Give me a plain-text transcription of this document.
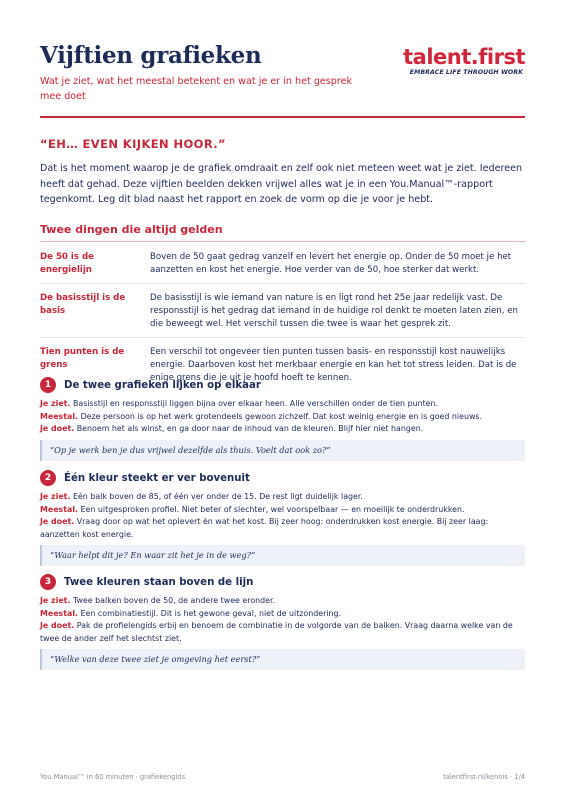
Vijftien grafieken

Wat je ziet, wat het meestal betekent en wat je er in het gesprek mee doet

talent.first
EMBRACE LIFE THROUGH WORK
“EH… EVEN KIJKEN HOOR.”

Dat is het moment waarop je de grafiek omdraait en zelf ook niet meteen weet wat je ziet. Iedereen heeft dat gehad. Deze vijftien beelden dekken vrijwel alles wat je in een You.Manual™-rapport tegenkomt. Leg dit blad naast het rapport en zoek de vorm op die je voor je hebt.

Twee dingen die altijd gelden
De 50 is de energielijn
Boven de 50 gaat gedrag vanzelf en levert het energie op. Onder de 50 moet je het aanzetten en kost het energie. Hoe verder van de 50, hoe sterker dat werkt.
De basisstijl is de basis
De basisstijl is wie iemand van nature is en ligt rond het 25e jaar redelijk vast. De responsstijl is het gedrag dat iemand in de huidige rol denkt te moeten laten zien, en die beweegt wel. Het verschil tussen die twee is waar het gesprek zit.
Tien punten is de grens
Een verschil tot ongeveer tien punten tussen basis- en responsstijl kost nauwelijks energie. Daarboven kost het merkbaar energie en kan het tot stress leiden. Dat is de enige grens die je uit je hoofd hoeft te kennen.
1	De twee grafieken lijken op elkaar
Je ziet. Basisstijl en responsstijl liggen bijna over elkaar heen. Alle verschillen onder de tien punten.
Meestal. Deze persoon is op het werk grotendeels gewoon zichzelf. Dat kost weinig energie en is goed nieuws.
Je doet. Benoem het als winst, en ga door naar de inhoud van de kleuren. Blijf hier niet hangen.
“Op je werk ben je dus vrijwel dezelfde als thuis. Voelt dat ook zo?”
2	Één kleur steekt er ver bovenuit
Je ziet. Eén balk boven de 85, of één ver onder de 15. De rest ligt duidelijk lager.
Meestal. Een uitgesproken profiel. Niet beter of slechter, wel voorspelbaar — en moeilijk te onderdrukken.
Je doet. Vraag door op wat het oplevert èn wat het kost. Bij zeer hoog: onderdrukken kost energie. Bij zeer laag: aanzetten kost energie.
“Waar helpt dit je? En waar zit het je in de weg?”
3	Twee kleuren staan boven de lijn
Je ziet. Twee balken boven de 50, de andere twee eronder.
Meestal. Een combinatiestijl. Dit is het gewone geval, niet de uitzondering.
Je doet. Pak de profielengids erbij en benoem de combinatie in de volgorde van de balken. Vraag daarna welke van de twee de ander zelf het slechtst ziet.
“Welke van deze twee ziet je omgeving het eerst?”
You.Manual™ in 60 minuten · grafiekengids	talentfirst.nl/kennis · 1/4
